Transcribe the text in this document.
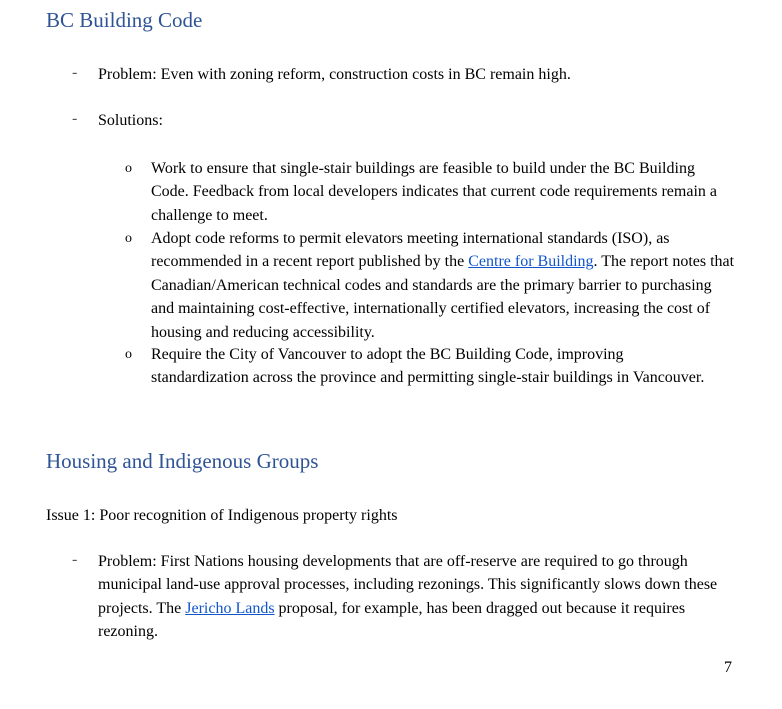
BC Building Code
- Problem: Even with zoning reform, construction costs in BC remain high.
- Solutions:
o Work to ensure that single-stair buildings are feasible to build under the BC Building Code. Feedback from local developers indicates that current code requirements remain a challenge to meet.
o Adopt code reforms to permit elevators meeting international standards (ISO), as recommended in a recent report published by the Centre for Building. The report notes that Canadian/American technical codes and standards are the primary barrier to purchasing and maintaining cost-effective, internationally certified elevators, increasing the cost of housing and reducing accessibility.
o Require the City of Vancouver to adopt the BC Building Code, improving standardization across the province and permitting single-stair buildings in Vancouver.
Housing and Indigenous Groups
Issue 1: Poor recognition of Indigenous property rights
- Problem: First Nations housing developments that are off-reserve are required to go through municipal land-use approval processes, including rezonings. This significantly slows down these projects. The Jericho Lands proposal, for example, has been dragged out because it requires rezoning.
7
